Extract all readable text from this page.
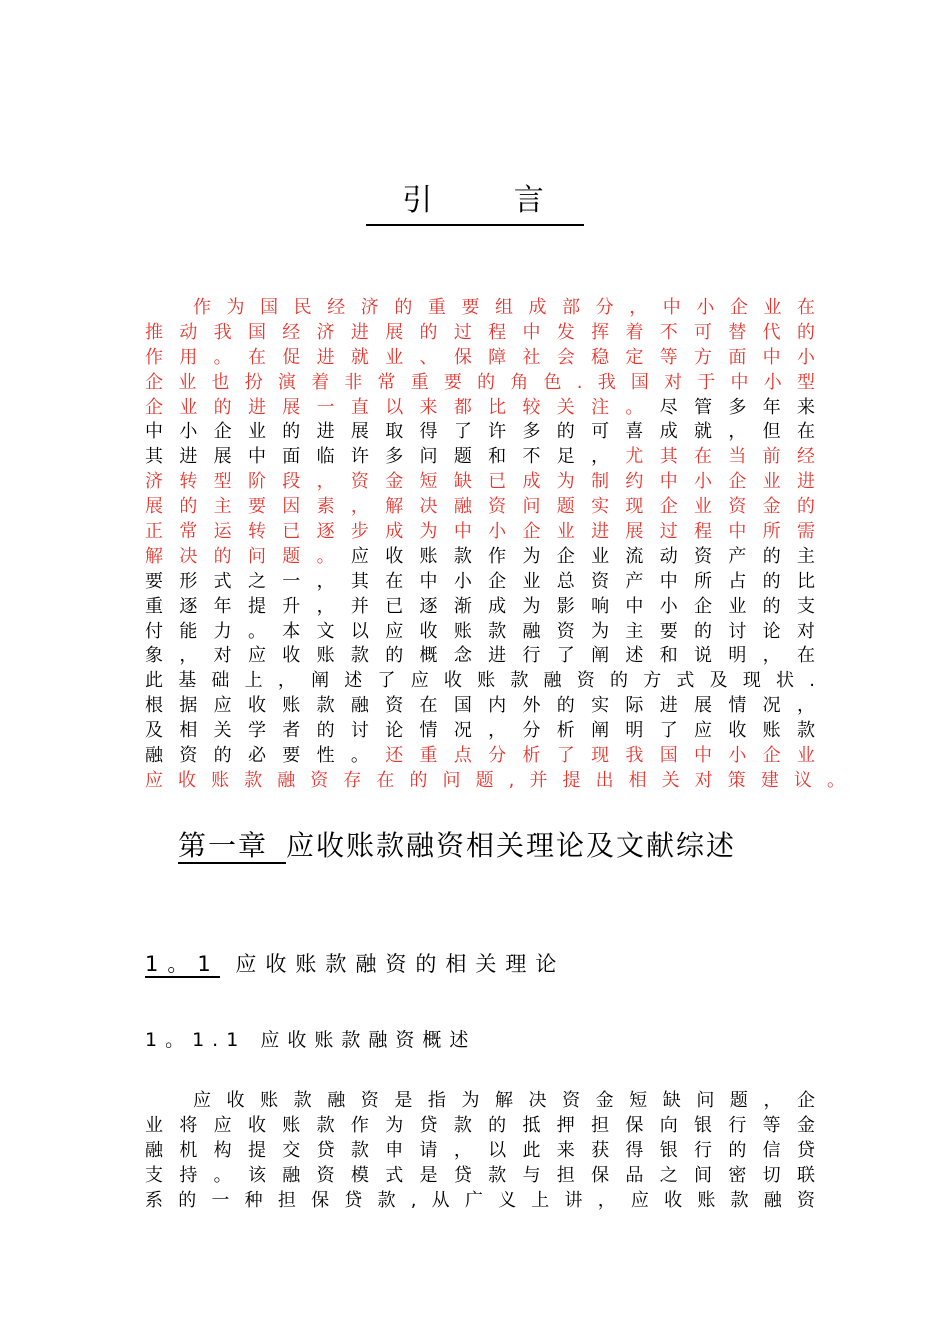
引 言
作为国民经济的重要组成部分，中小企业在
推动我国经济进展的过程中发挥着不可替代的
作用。在促进就业、保障社会稳定等方面中小
企业也扮演着非常重要的角色.我国对于中小型
企业的进展一直以来都比较关注。尽管多年来
中小企业的进展取得了许多的可喜成就，但在
其进展中面临许多问题和不足，尤其在当前经
济转型阶段，资金短缺已成为制约中小企业进
展的主要因素，解决融资问题实现企业资金的
正常运转已逐步成为中小企业进展过程中所需
解决的问题。应收账款作为企业流动资产的主
要形式之一，其在中小企业总资产中所占的比
重逐年提升，并已逐渐成为影响中小企业的支
付能力。本文以应收账款融资为主要的讨论对
象，对应收账款的概念进行了阐述和说明，在
此基础上，阐述了应收账款融资的方式及现状.
根据应收账款融资在国内外的实际进展情况，
及相关学者的讨论情况，分析阐明了应收账款
融资的必要性。还重点分析了现我国中小企业
应收账款融资存在的问题,并提出相关对策建议。
第一章 应收账款融资相关理论及文献综述
1。1 应收账款融资的相关理论
1。1.1 应收账款融资概述
应收账款融资是指为解决资金短缺问题，企
业将应收账款作为贷款的抵押担保向银行等金
融机构提交贷款申请，以此来获得银行的信贷
支持。该融资模式是贷款与担保品之间密切联
系的一种担保贷款,从广义上讲，应收账款融资
